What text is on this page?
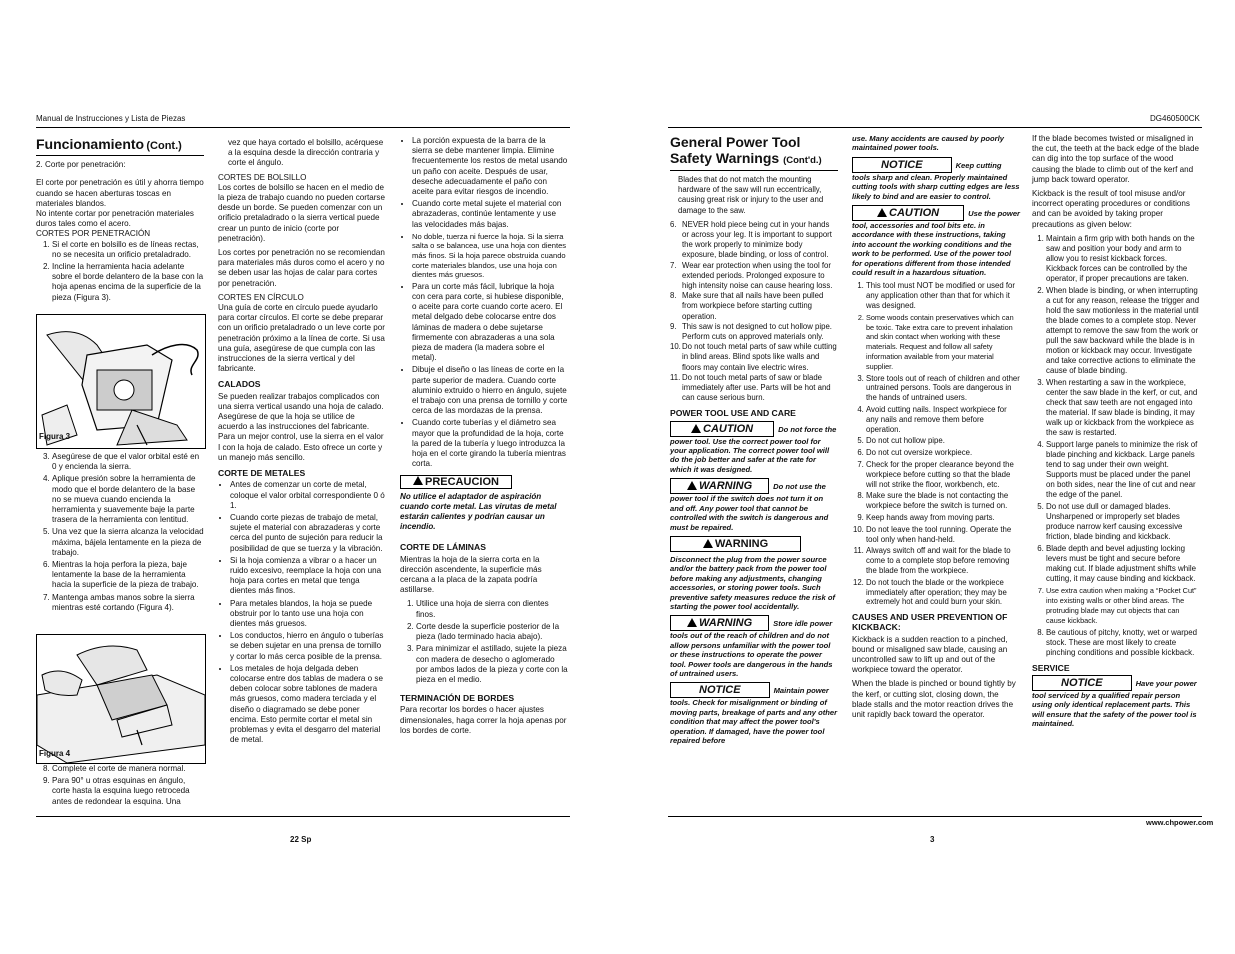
Manual de Instrucciones y Lista de Piezas
Funcionamiento (Cont.)

2. Corte por penetración:

El corte por penetración es útil y ahorra tiempo cuando se hacen aberturas toscas en materiales blandos.

No intente cortar por penetración materiales duros tales como el acero.

CORTES POR PENETRACIÓN

1. Si el corte en bolsillo es de líneas rectas, no se necesita un orificio pretaladrado.
2. Incline la herramienta hacia adelante sobre el borde delantero de la base con la hoja apenas encima de la superficie de la pieza (Figura 3).
Figura 3
3. Asegúrese de que el valor orbital esté en 0 y encienda la sierra.
4. Aplique presión sobre la herramienta de modo que el borde delantero de la base no se mueva cuando encienda la herramienta y suavemente baje la parte trasera de la herramienta con lentitud.
5. Una vez que la sierra alcanza la velocidad máxima, bájela lentamente en la pieza de trabajo.
6. Mientras la hoja perfora la pieza, baje lentamente la base de la herramienta hacia la superficie de la pieza de trabajo.
7. Mantenga ambas manos sobre la sierra mientras esté cortando (Figura 4).
Figura 4
8. Complete el corte de manera normal.
9. Para 90° u otras esquinas en ángulo, corte hasta la esquina luego retroceda antes de redondear la esquina. Una

vez que haya cortado el bolsillo, acérquese a la esquina desde la dirección contraria y corte el ángulo.

CORTES DE BOLSILLO

Los cortes de bolsillo se hacen en el medio de la pieza de trabajo cuando no pueden cortarse desde un borde. Se pueden comenzar con un orificio pretaladrado o la sierra vertical puede crear un punto de inicio (corte por penetración).

Los cortes por penetración no se recomiendan para materiales más duros como el acero y no se deben usar las hojas de calar para cortes por penetración.

CORTES EN CÍRCULO

Una guía de corte en círculo puede ayudarlo para cortar círculos. El corte se debe preparar con un orificio pretaladrado o un leve corte por penetración próximo a la línea de corte. Si usa una guía, asegúrese de que cumpla con las instrucciones de la sierra vertical y del fabricante.

CALADOS

Se pueden realizar trabajos complicados con una sierra vertical usando una hoja de calado. Asegúrese de que la hoja se utilice de acuerdo a las instrucciones del fabricante. Para un mejor control, use la sierra en el valor I con la hoja de calado. Esto ofrece un corte y un manejo más sencillo.

CORTE DE METALES
• Antes de comenzar un corte de metal, coloque el valor orbital correspondiente 0 ó 1.
• Cuando corte piezas de trabajo de metal, sujete el material con abrazaderas y corte cerca del punto de sujeción para reducir la posibilidad de que se tuerza y la vibración.
• Si la hoja comienza a vibrar o a hacer un ruido excesivo, reemplace la hoja con una hoja para cortes en metal que tenga dientes más finos.
• Para metales blandos, la hoja se puede obstruir por lo tanto use una hoja con dientes más gruesos.
• Los conductos, hierro en ángulo o tuberías se deben sujetar en una prensa de tornillo y cortar lo más cerca posible de la prensa.
• Los metales de hoja delgada deben colocarse entre dos tablas de madera o se deben colocar sobre tablones de madera más gruesos, como madera terciada y el diseño o diagramado se debe poner encima. Esto permite cortar el metal sin problemas y evita el desgarro del material de metal.
• La porción expuesta de la barra de la sierra se debe mantener limpia. Elimine frecuentemente los restos de metal usando un paño con aceite. Después de usar, deseche adecuadamente el paño con aceite para evitar riesgos de incendio.
• Cuando corte metal sujete el material con abrazaderas, continúe lentamente y use las velocidades más bajas.
• No doble, tuerza ni fuerce la hoja. Si la sierra salta o se balancea, use una hoja con dientes más finos. Si la hoja parece obstruida cuando corte materiales blandos, use una hoja con dientes más gruesos.
• Para un corte más fácil, lubrique la hoja con cera para corte, si hubiese disponible, o aceite para corte cuando corte acero. El metal delgado debe colocarse entre dos láminas de madera o debe sujetarse firmemente con abrazaderas a una sola pieza de madera (la madera sobre el metal).
• Dibuje el diseño o las líneas de corte en la parte superior de madera. Cuando corte aluminio extruido o hierro en ángulo, sujete el trabajo con una prensa de tornillo y corte cerca de las mordazas de la prensa.
• Cuando corte tuberías y el diámetro sea mayor que la profundidad de la hoja, corte la pared de la tubería y luego introduzca la hoja en el corte girando la tubería mientras corta.
PRECAUCION

No utilice el adaptador de aspiración cuando corte metal. Las virutas de metal estarán calientes y podrían causar un incendio.

CORTE DE LÁMINAS

Mientras la hoja de la sierra corta en la dirección ascendente, la superficie más cercana a la placa de la zapata podría astillarse.

1. Utilice una hoja de sierra con dientes finos.
2. Corte desde la superficie posterior de la pieza (lado terminado hacia abajo).
3. Para minimizar el astillado, sujete la pieza con madera de desecho o aglomerado por ambos lados de la pieza y corte con la pieza en el medio.
TERMINACIÓN DE BORDES

Para recortar los bordes o hacer ajustes dimensionales, haga correr la hoja apenas por los bordes de corte.

22 Sp
DG460500CK
General Power Tool
Safety Warnings (Cont'd.)

Blades that do not match the mounting hardware of the saw will run eccentrically, causing great risk or injury to the user and damage to the saw.

6. NEVER hold piece being cut in your hands or across your leg. It is important to support the work properly to minimize body exposure, blade binding, or loss of control.
7. Wear ear protection when using the tool for extended periods. Prolonged exposure to high intensity noise can cause hearing loss.
8. Make sure that all nails have been pulled from workpiece before starting cutting operation.
9. This saw is not designed to cut hollow pipe. Perform cuts on approved materials only.
10. Do not touch metal parts of saw while cutting in blind areas. Blind spots like walls and floors may contain live electric wires.
11. Do not touch metal parts of saw or blade immediately after use. Parts will be hot and can cause serious burn.
POWER TOOL USE AND CARE

CAUTION	Do not force the power tool. Use the correct power tool for your application. The correct power tool will do the job better and safer at the rate for which it was designed.

WARNING	Do not use the power tool if the switch does not turn it on and off. Any power tool that cannot be controlled with the switch is dangerous and must be repaired.

WARNING

Disconnect the plug from the power source and/or the battery pack from the power tool before making any adjustments, changing accessories, or storing power tools. Such preventive safety measures reduce the risk of starting the power tool accidentally.

WARNING	Store idle power tools out of the reach of children and do not allow persons unfamiliar with the power tool or these instructions to operate the power tool. Power tools are dangerous in the hands of untrained users.

NOTICE	Maintain power tools. Check for misalignment or binding of moving parts, breakage of parts and any other condition that may affect the power tool's operation. If damaged, have the power tool repaired before

use. Many accidents are caused by poorly maintained power tools.

NOTICE	Keep cutting tools sharp and clean. Properly maintained cutting tools with sharp cutting edges are less likely to bind and are easier to control.

CAUTION	Use the power tool, accessories and tool bits etc. in accordance with these instructions, taking into account the working conditions and the work to be performed. Use of the power tool for operations different from those intended could result in a hazardous situation.

1. This tool must NOT be modified or used for any application other than that for which it was designed.
2. Some woods contain preservatives which can be toxic. Take extra care to prevent inhalation and skin contact when working with these materials. Request and follow all safety information available from your material supplier.
3. Store tools out of reach of children and other untrained persons. Tools are dangerous in the hands of untrained users.
4. Avoid cutting nails. Inspect workpiece for any nails and remove them before operation.
5. Do not cut hollow pipe.
6. Do not cut oversize workpiece.
7. Check for the proper clearance beyond the workpiece before cutting so that the blade will not strike the floor, workbench, etc.
8. Make sure the blade is not contacting the workpiece before the switch is turned on.
9. Keep hands away from moving parts.
10. Do not leave the tool running. Operate the tool only when hand-held.
11. Always switch off and wait for the blade to come to a complete stop before removing the blade from the workpiece.
12. Do not touch the blade or the workpiece immediately after operation; they may be extremely hot and could burn your skin.
CAUSES AND USER PREVENTION OF KICKBACK:

Kickback is a sudden reaction to a pinched, bound or misaligned saw blade, causing an uncontrolled saw to lift up and out of the workpiece toward the operator.

When the blade is pinched or bound tightly by the kerf, or cutting slot, closing down, the blade stalls and the motor reaction drives the unit rapidly back toward the operator.

If the blade becomes twisted or misaligned in the cut, the teeth at the back edge of the blade can dig into the top surface of the wood causing the blade to climb out of the kerf and jump back toward operator.

Kickback is the result of tool misuse and/or incorrect operating procedures or conditions and can be avoided by taking proper precautions as given below:

1. Maintain a firm grip with both hands on the saw and position your body and arm to allow you to resist kickback forces. Kickback forces can be controlled by the operator, if proper precautions are taken.
2. When blade is binding, or when interrupting a cut for any reason, release the trigger and hold the saw motionless in the material until the blade comes to a complete stop. Never attempt to remove the saw from the work or pull the saw backward while the blade is in motion or kickback may occur. Investigate and take corrective actions to eliminate the cause of blade binding.
3. When restarting a saw in the workpiece, center the saw blade in the kerf, or cut, and check that saw teeth are not engaged into the material. If saw blade is binding, it may walk up or kickback from the workpiece as the saw is restarted.
4. Support large panels to minimize the risk of blade pinching and kickback. Large panels tend to sag under their own weight. Supports must be placed under the panel on both sides, near the line of cut and near the edge of the panel.
5. Do not use dull or damaged blades. Unsharpened or improperly set blades produce narrow kerf causing excessive friction, blade binding and kickback.
6. Blade depth and bevel adjusting locking levers must be tight and secure before making cut. If blade adjustment shifts while cutting, it may cause binding and kickback.
7. Use extra caution when making a “Pocket Cut” into existing walls or other blind areas. The protruding blade may cut objects that can cause kickback.
8. Be cautious of pitchy, knotty, wet or warped stock. These are most likely to create pinching conditions and possible kickback.
SERVICE

NOTICE	Have your power tool serviced by a qualified repair person using only identical replacement parts. This will ensure that the safety of the power tool is maintained.

www.chpower.com
3
